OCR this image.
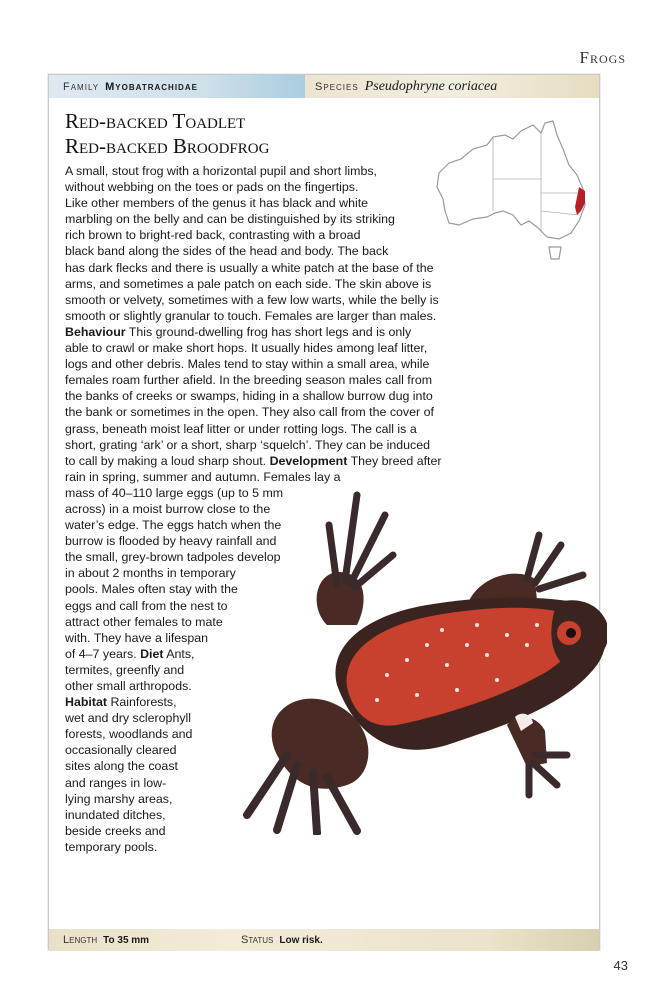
Frogs
Family Myobatrachidae	Species Pseudophryne coriacea
Red-backed Toadlet
Red-backed Broodfrog
A small, stout frog with a horizontal pupil and short limbs,
without webbing on the toes or pads on the fingertips.
Like other members of the genus it has black and white
marbling on the belly and can be distinguished by its striking
rich brown to bright-red back, contrasting with a broad
black band along the sides of the head and body. The back
has dark flecks and there is usually a white patch at the base of the
arms, and sometimes a pale patch on each side. The skin above is
smooth or velvety, sometimes with a few low warts, while the belly is
smooth or slightly granular to touch. Females are larger than males.
Behaviour This ground-dwelling frog has short legs and is only
able to crawl or make short hops. It usually hides among leaf litter,
logs and other debris. Males tend to stay within a small area, while
females roam further afield. In the breeding season males call from
the banks of creeks or swamps, hiding in a shallow burrow dug into
the bank or sometimes in the open. They also call from the cover of
grass, beneath moist leaf litter or under rotting logs. The call is a
short, grating ‘ark’ or a short, sharp ‘squelch’. They can be induced
to call by making a loud sharp shout. Development They breed after
rain in spring, summer and autumn. Females lay a
mass of 40–110 large eggs (up to 5 mm
across) in a moist burrow close to the
water’s edge. The eggs hatch when the
burrow is flooded by heavy rainfall and
the small, grey-brown tadpoles develop
in about 2 months in temporary
pools. Males often stay with the
eggs and call from the nest to
attract other females to mate
with. They have a lifespan
of 4–7 years. Diet Ants,
termites, greenfly and
other small arthropods.
Habitat Rainforests,
wet and dry sclerophyll
forests, woodlands and
occasionally cleared
sites along the coast
and ranges in low-
lying marshy areas,
inundated ditches,
beside creeks and
temporary pools.
Length To 35 mm	Status Low risk.
43
